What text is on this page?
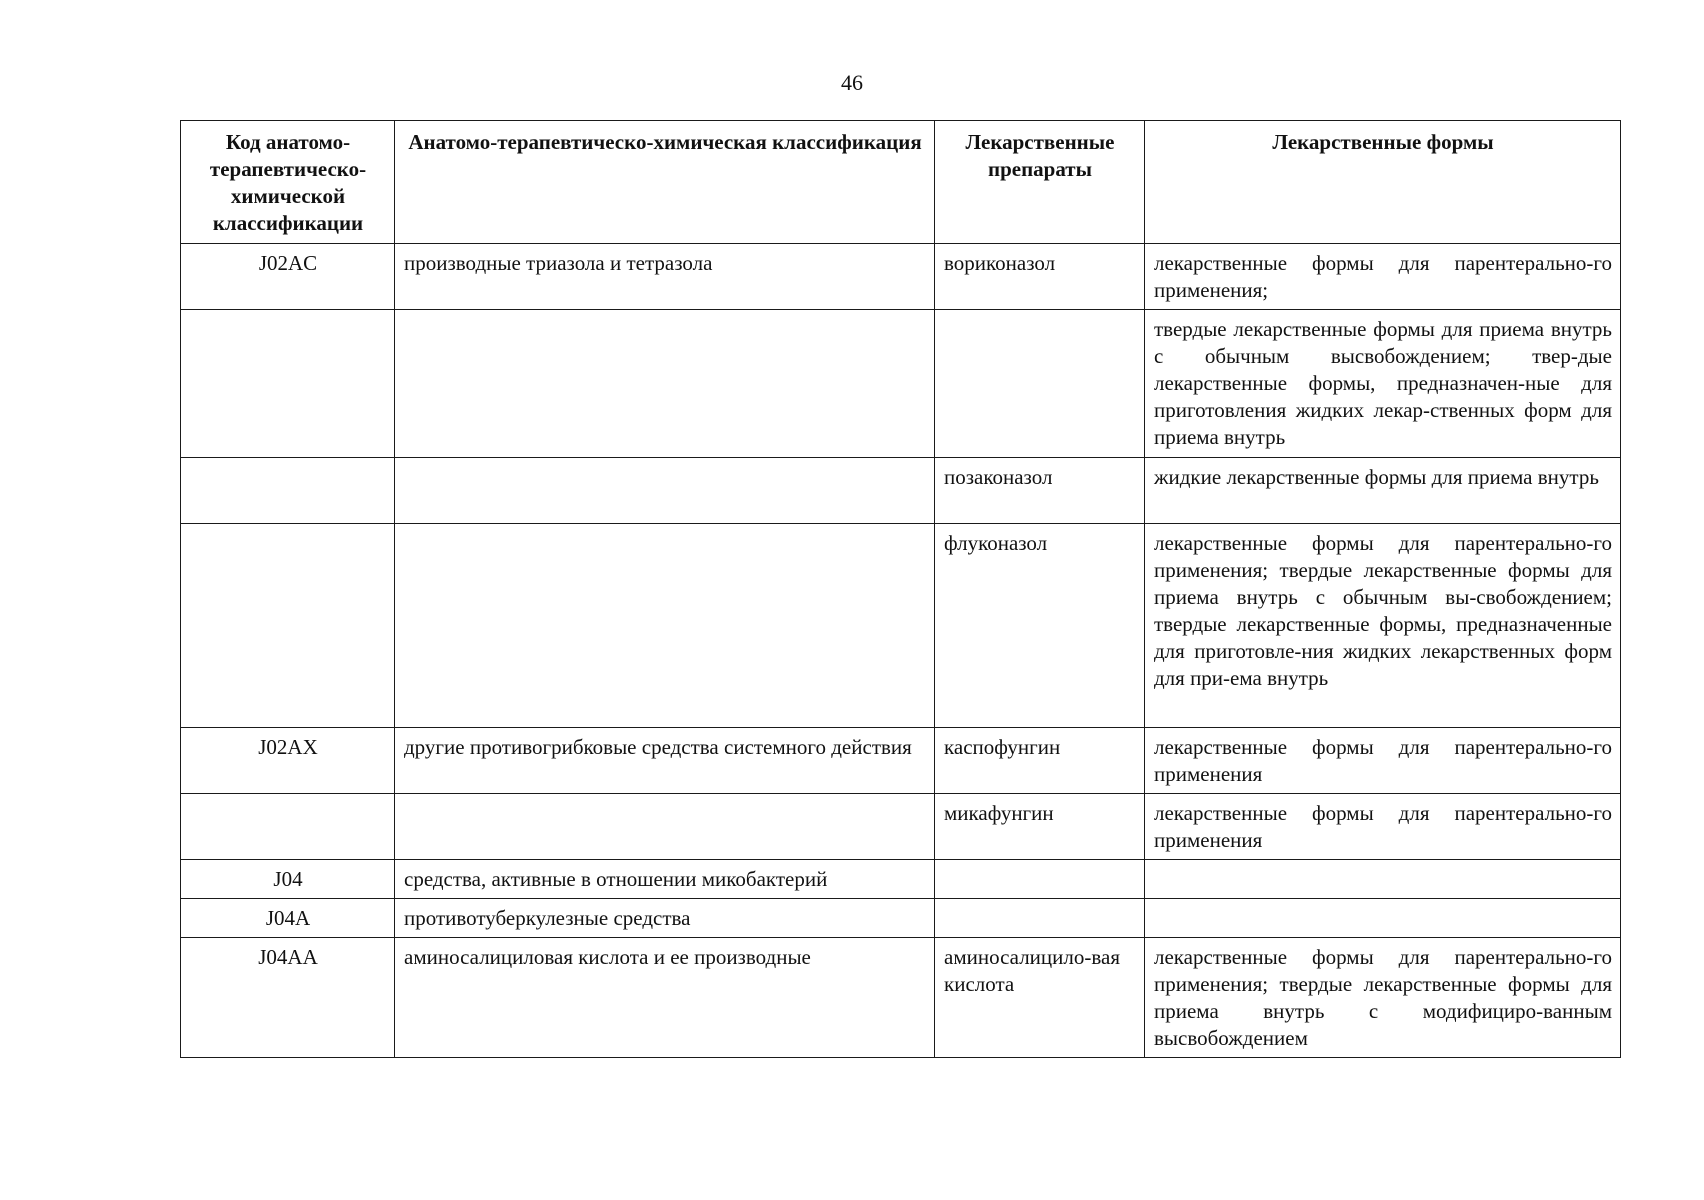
46
Код анатомо-терапевтическо-химической классификации	Анатомо-терапевтическо-химическая классификация	Лекарственные препараты	Лекарственные формы
J02AC	производные триазола и тетразола	вориконазол	лекарственные формы для парентерально-го применения;
			твердые лекарственные формы для приема внутрь с обычным высвобождением; твер-дые лекарственные формы, предназначен-ные для приготовления жидких лекар-ственных форм для приема внутрь
		позаконазол	жидкие лекарственные формы для приема внутрь
		флуконазол	лекарственные формы для парентерально-го применения; твердые лекарственные формы для приема внутрь с обычным вы-свобождением; твердые лекарственные формы, предназначенные для приготовле-ния жидких лекарственных форм для при-ема внутрь
J02AX	другие противогрибковые средства системного действия	каспофунгин	лекарственные формы для парентерально-го применения
		микафунгин	лекарственные формы для парентерально-го применения
J04	средства, активные в отношении микобактерий		
J04A	противотуберкулезные средства		
J04AA	аминосалициловая кислота и ее производные	аминосалицило-вая кислота	лекарственные формы для парентерально-го применения; твердые лекарственные формы для приема внутрь с модифициро-ванным высвобождением
